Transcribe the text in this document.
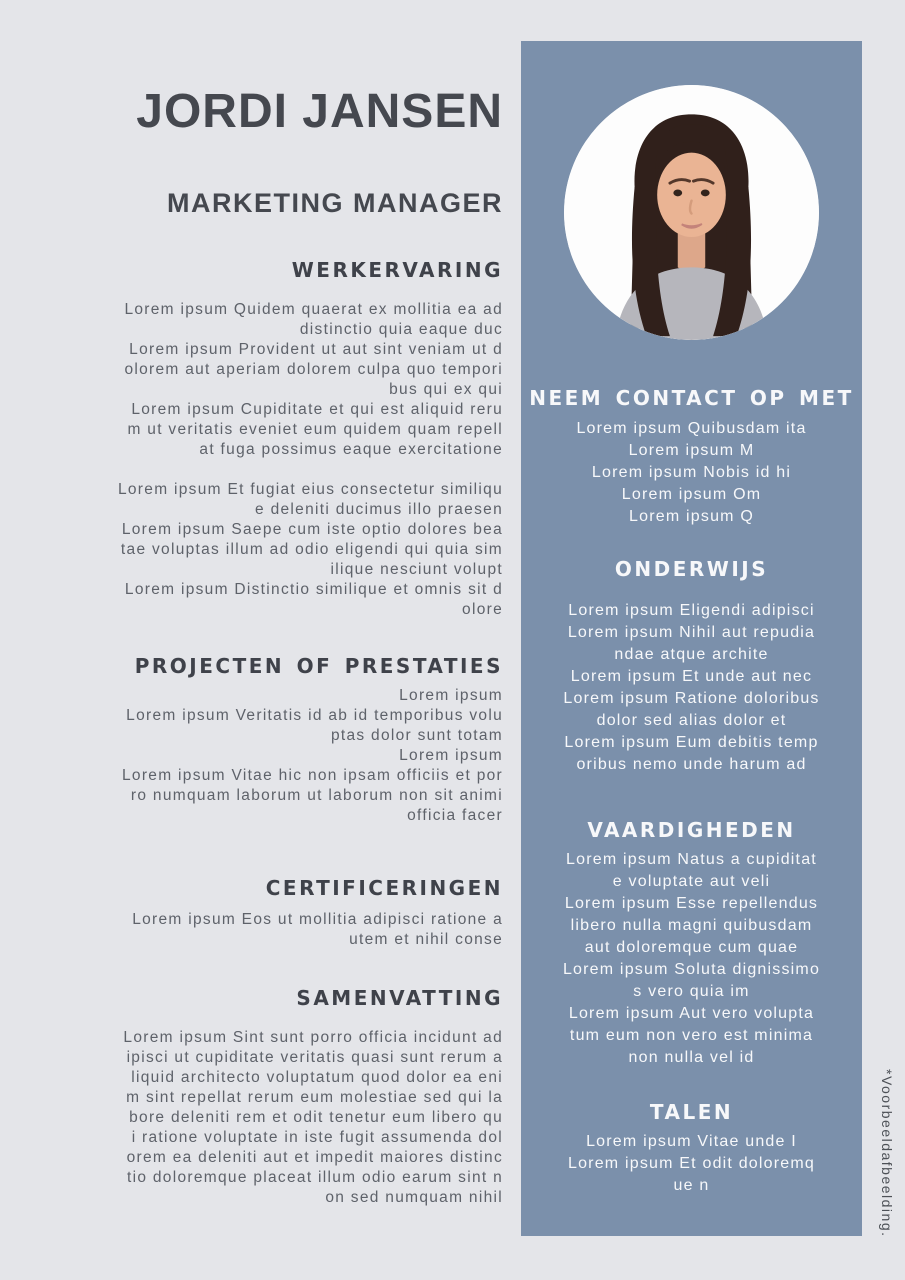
JORDI JANSEN
MARKETING MANAGER
WERKERVARING
Lorem ipsum Quidem quaerat ex mollitia ea ad
distinctio quia eaque duc
Lorem ipsum Provident ut aut sint veniam ut d
olorem aut aperiam dolorem culpa quo tempori
bus qui ex qui
Lorem ipsum Cupiditate et qui est aliquid reru
m ut veritatis eveniet eum quidem quam repell
at fuga possimus eaque exercitatione
Lorem ipsum Et fugiat eius consectetur similiqu
e deleniti ducimus illo praesen
Lorem ipsum Saepe cum iste optio dolores bea
tae voluptas illum ad odio eligendi qui quia sim
ilique nesciunt volupt
Lorem ipsum Distinctio similique et omnis sit d
olore
PROJECTEN OF PRESTATIES
Lorem ipsum
Lorem ipsum Veritatis id ab id temporibus volu
ptas dolor sunt totam
Lorem ipsum
Lorem ipsum Vitae hic non ipsam officiis et por
ro numquam laborum ut laborum non sit animi
officia facer
CERTIFICERINGEN
Lorem ipsum Eos ut mollitia adipisci ratione a
utem et nihil conse
SAMENVATTING
Lorem ipsum Sint sunt porro officia incidunt ad
ipisci ut cupiditate veritatis quasi sunt rerum a
liquid architecto voluptatum quod dolor ea eni
m sint repellat rerum eum molestiae sed qui la
bore deleniti rem et odit tenetur eum libero qu
i ratione voluptate in iste fugit assumenda dol
orem ea deleniti aut et impedit maiores distinc
tio doloremque placeat illum odio earum sint n
on sed numquam nihil
NEEM CONTACT OP MET
Lorem ipsum Quibusdam ita
Lorem ipsum M
Lorem ipsum Nobis id hi
Lorem ipsum Om
Lorem ipsum Q
ONDERWIJS
Lorem ipsum Eligendi adipisci
Lorem ipsum Nihil aut repudia
ndae atque archite
Lorem ipsum Et unde aut nec
Lorem ipsum Ratione doloribus
dolor sed alias dolor et
Lorem ipsum Eum debitis temp
oribus nemo unde harum ad
VAARDIGHEDEN
Lorem ipsum Natus a cupiditat
e voluptate aut veli
Lorem ipsum Esse repellendus
libero nulla magni quibusdam
aut doloremque cum quae
Lorem ipsum Soluta dignissimo
s vero quia im
Lorem ipsum Aut vero volupta
tum eum non vero est minima
non nulla vel id
TALEN
Lorem ipsum Vitae unde I
Lorem ipsum Et odit doloremq
ue n	*Voorbeeldafbeelding.
